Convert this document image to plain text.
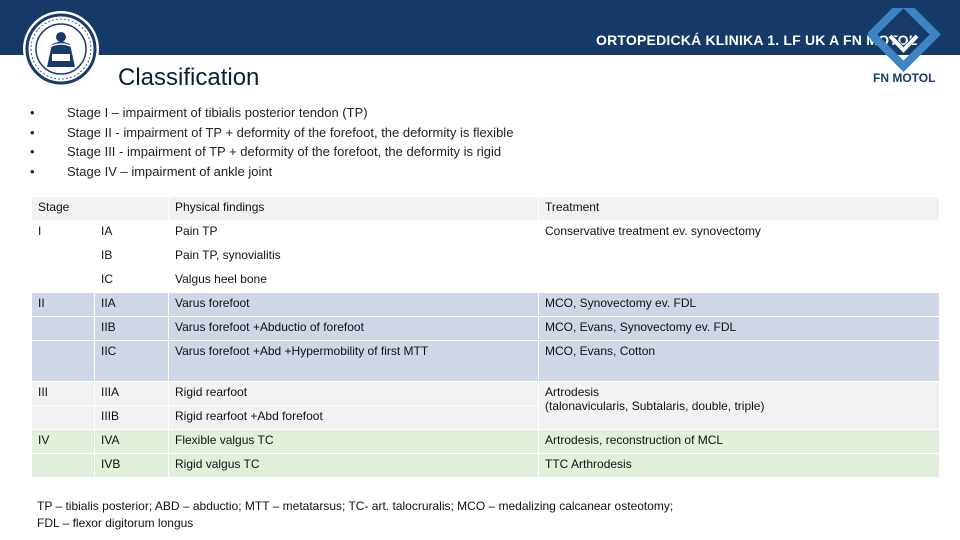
ORTOPEDICKÁ KLINIKA 1. LF UK A FN MOTOL
FN MOTOL
Classification
• Stage I – impairment of tibialis posterior tendon (TP)
• Stage II - impairment of TP + deformity of the forefoot, the deformity is flexible
• Stage III - impairment of TP + deformity of the forefoot, the deformity is rigid
• Stage IV – impairment of ankle joint
Stage		Physical findings	Treatment
I	IA	Pain TP	Conservative treatment ev. synovectomy
	IB	Pain TP, synovialitis	
	IC	Valgus heel bone	
II	IIA	Varus forefoot	MCO, Synovectomy ev. FDL
	IIB	Varus forefoot +Abductio of forefoot	MCO, Evans, Synovectomy ev. FDL
	IIC	Varus forefoot +Abd +Hypermobility of first MTT	MCO, Evans, Cotton
III	IIIA	Rigid rearfoot	Artrodesis
(talonavicularis, Subtalaris, double, triple)

	IIIB	Rigid rearfoot +Abd forefoot	
IV	IVA	Flexible valgus TC	Artrodesis, reconstruction of MCL
	IVB	Rigid valgus TC	TTC Arthrodesis
TP – tibialis posterior; ABD – abductio; MTT – metatarsus; TC- art. talocruralis; MCO – medalizing calcanear osteotomy; FDL – flexor digitorum longus
